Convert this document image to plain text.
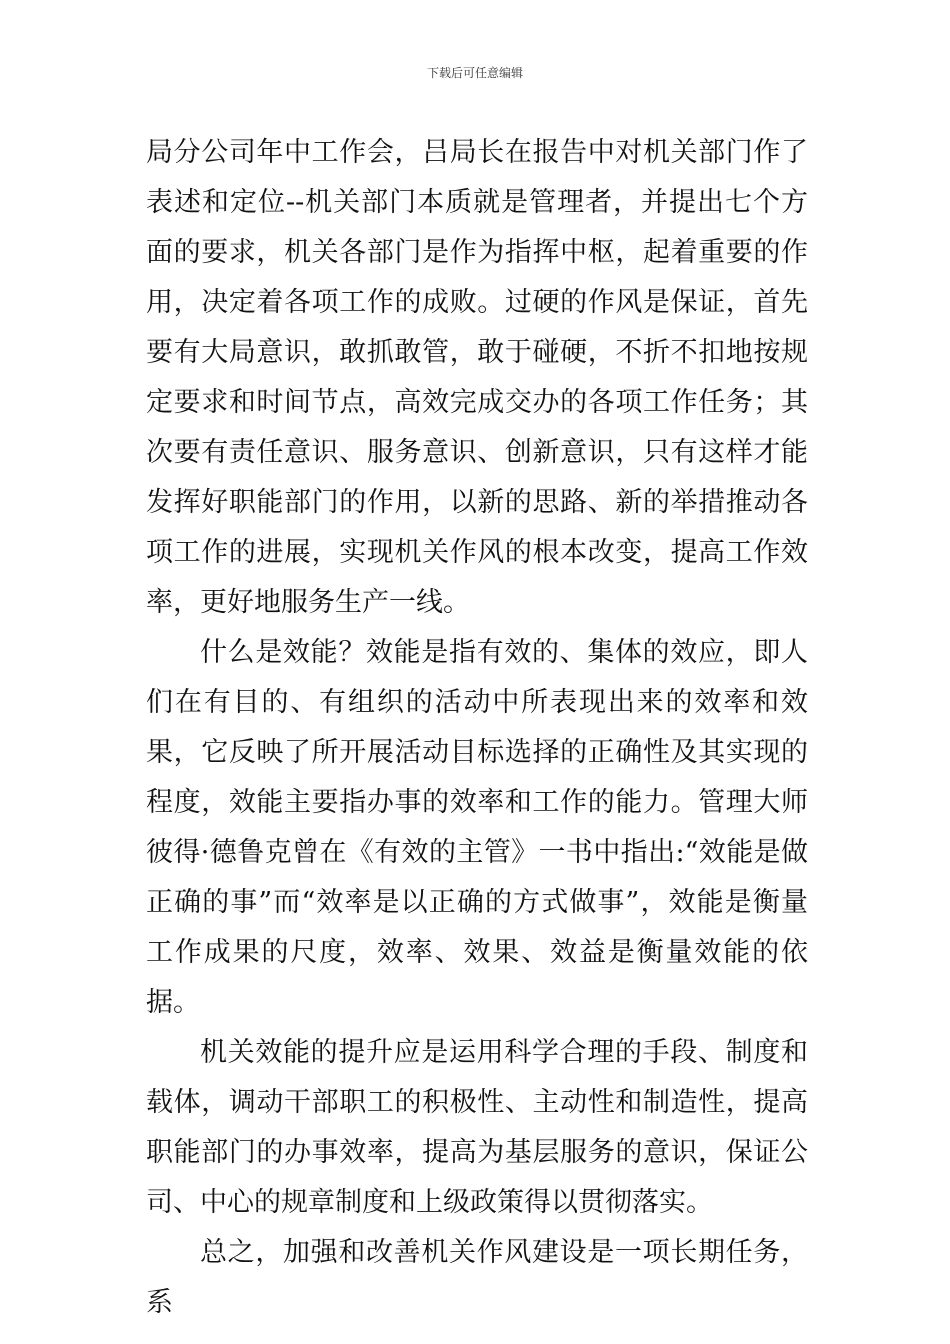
下载后可任意编辑

局分公司年中工作会，吕局长在报告中对机关部门作了表述和定位--机关部门本质就是管理者，并提出七个方面的要求，机关各部门是作为指挥中枢，起着重要的作用，决定着各项工作的成败。过硬的作风是保证，首先要有大局意识，敢抓敢管，敢于碰硬，不折不扣地按规定要求和时间节点，高效完成交办的各项工作任务；其次要有责任意识、服务意识、创新意识，只有这样才能发挥好职能部门的作用，以新的思路、新的举措推动各项工作的进展，实现机关作风的根本改变，提高工作效率，更好地服务生产一线。

什么是效能？效能是指有效的、集体的效应，即人们在有目的、有组织的活动中所表现出来的效率和效果，它反映了所开展活动目标选择的正确性及其实现的程度，效能主要指办事的效率和工作的能力。管理大师彼得·德鲁克曾在《有效的主管》一书中指出:“效能是做正确的事”而“效率是以正确的方式做事”，效能是衡量工作成果的尺度，效率、效果、效益是衡量效能的依据。

机关效能的提升应是运用科学合理的手段、制度和载体，调动干部职工的积极性、主动性和制造性，提高职能部门的办事效率，提高为基层服务的意识，保证公司、中心的规章制度和上级政策得以贯彻落实。

总之，加强和改善机关作风建设是一项长期任务，系
